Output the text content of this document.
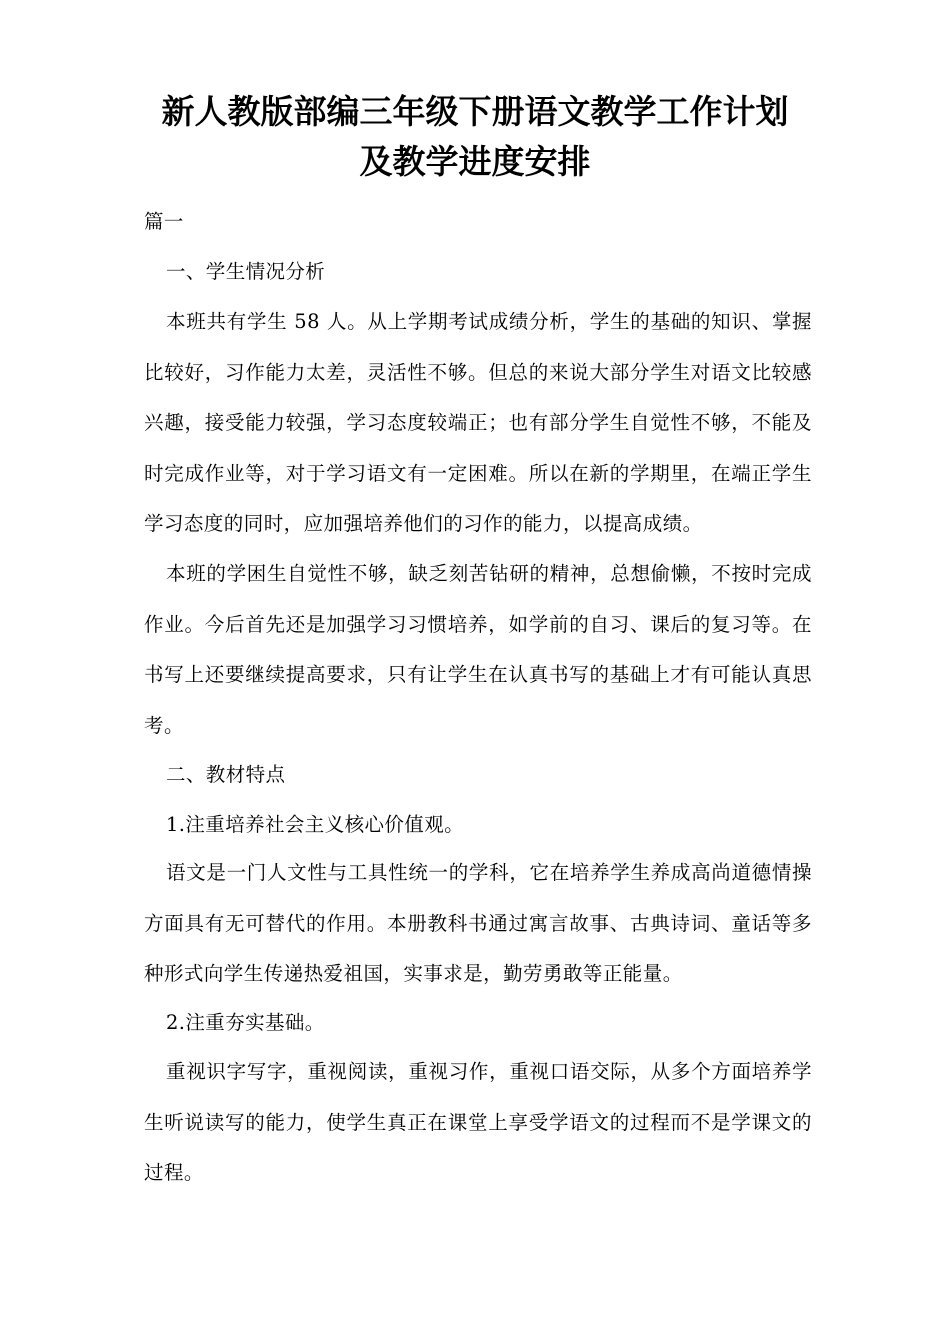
新人教版部编三年级下册语文教学工作计划
及教学进度安排

篇一

一、学生情况分析

本班共有学生 58 人。从上学期考试成绩分析，学生的基础的知识、掌握比较好，习作能力太差，灵活性不够。但总的来说大部分学生对语文比较感兴趣，接受能力较强，学习态度较端正；也有部分学生自觉性不够，不能及时完成作业等，对于学习语文有一定困难。所以在新的学期里，在端正学生学习态度的同时，应加强培养他们的习作的能力，以提高成绩。

本班的学困生自觉性不够，缺乏刻苦钻研的精神，总想偷懒，不按时完成作业。今后首先还是加强学习习惯培养，如学前的自习、课后的复习等。在书写上还要继续提高要求，只有让学生在认真书写的基础上才有可能认真思考。

二、教材特点

1.注重培养社会主义核心价值观。

语文是一门人文性与工具性统一的学科，它在培养学生养成高尚道德情操方面具有无可替代的作用。本册教科书通过寓言故事、古典诗词、童话等多种形式向学生传递热爱祖国，实事求是，勤劳勇敢等正能量。

2.注重夯实基础。

重视识字写字，重视阅读，重视习作，重视口语交际，从多个方面培养学生听说读写的能力，使学生真正在课堂上享受学语文的过程而不是学课文的过程。
